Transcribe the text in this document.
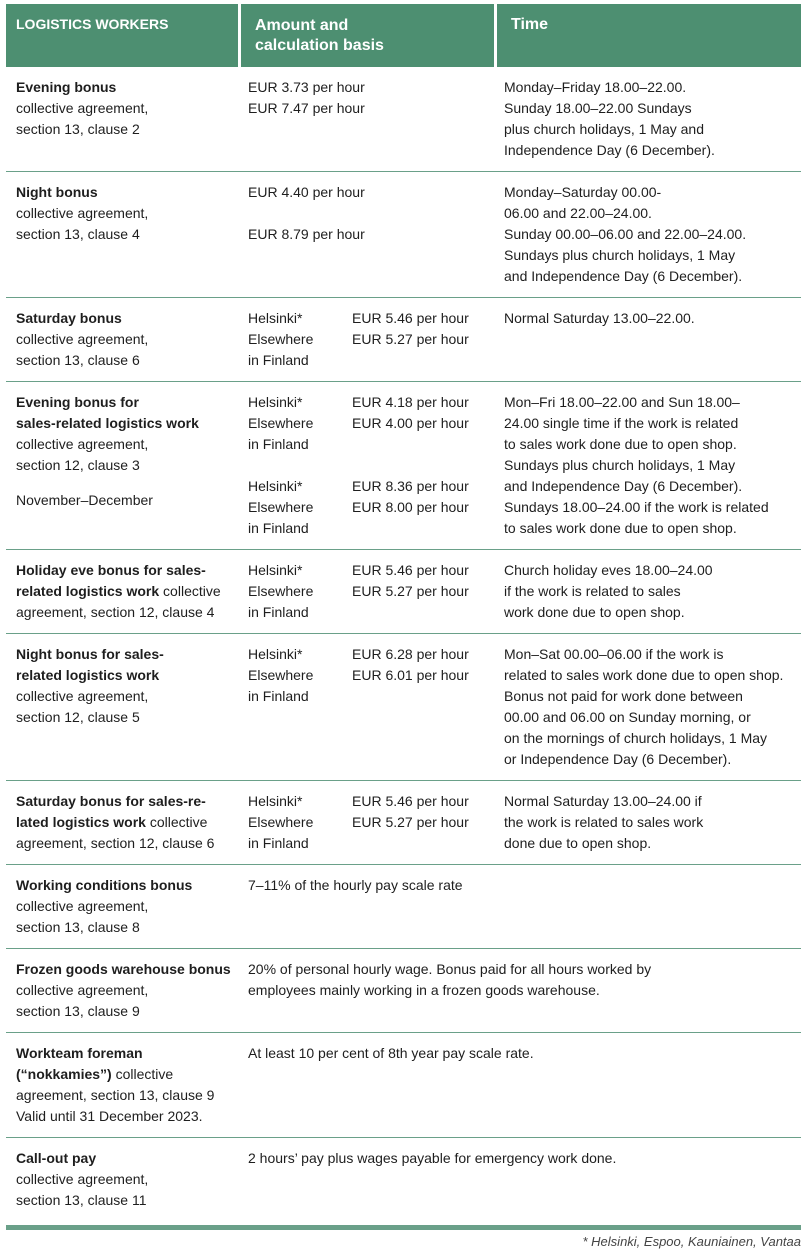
LOGISTICS WORKERS	Amount and
calculation basis
Time
Evening bonus
collective agreement,
section 13, clause 2
EUR 3.73 per hour
EUR 7.47 per hour
Monday–Friday 18.00–22.00.
Sunday 18.00–22.00 Sundays
plus church holidays, 1 May and
Independence Day (6 December).
Night bonus
collective agreement,
section 13, clause 4
EUR 4.40 per hour
EUR 8.79 per hour
Monday–Saturday 00.00-
06.00 and 22.00–24.00.
Sunday 00.00–06.00 and 22.00–24.00.
Sundays plus church holidays, 1 May
and Independence Day (6 December).
Saturday bonus
collective agreement,
section 13, clause 6
Helsinki*
Elsewhere
in Finland
EUR 5.46 per hour
EUR 5.27 per hour
Normal Saturday 13.00–22.00.
Evening bonus for
sales-related logistics work
collective agreement,
section 12, clause 3
November–December
Helsinki*
Elsewhere
in Finland
EUR 4.18 per hour
EUR 4.00 per hour
Helsinki*
Elsewhere
in Finland
EUR 8.36 per hour
EUR 8.00 per hour
Mon–Fri 18.00–22.00 and Sun 18.00–
24.00 single time if the work is related
to sales work done due to open shop.
Sundays plus church holidays, 1 May
and Independence Day (6 December).
Sundays 18.00–24.00 if the work is related
to sales work done due to open shop.
Holiday eve bonus for sales-
related logistics work collective
agreement, section 12, clause 4
Helsinki*
Elsewhere
in Finland
EUR 5.46 per hour
EUR 5.27 per hour
Church holiday eves 18.00–24.00
if the work is related to sales
work done due to open shop.
Night bonus for sales-
related logistics work
collective agreement,
section 12, clause 5
Helsinki*
Elsewhere
in Finland
EUR 6.28 per hour
EUR 6.01 per hour
Mon–Sat 00.00–06.00 if the work is
related to sales work done due to open shop.
Bonus not paid for work done between
00.00 and 06.00 on Sunday morning, or
on the mornings of church holidays, 1 May
or Independence Day (6 December).
Saturday bonus for sales-re-
lated logistics work collective
agreement, section 12, clause 6
Helsinki*
Elsewhere
in Finland
EUR 5.46 per hour
EUR 5.27 per hour
Normal Saturday 13.00–24.00 if
the work is related to sales work
done due to open shop.
Working conditions bonus
collective agreement,
section 13, clause 8
7–11% of the hourly pay scale rate
Frozen goods warehouse bonus
collective agreement,
section 13, clause 9
20% of personal hourly wage. Bonus paid for all hours worked by
employees mainly working in a frozen goods warehouse.
Workteam foreman
(“nokkamies”) collective
agreement, section 13, clause 9
Valid until 31 December 2023.
At least 10 per cent of 8th year pay scale rate.
Call-out pay
collective agreement,
section 13, clause 11
2 hours’ pay plus wages payable for emergency work done.
* Helsinki, Espoo, Kauniainen, Vantaa
